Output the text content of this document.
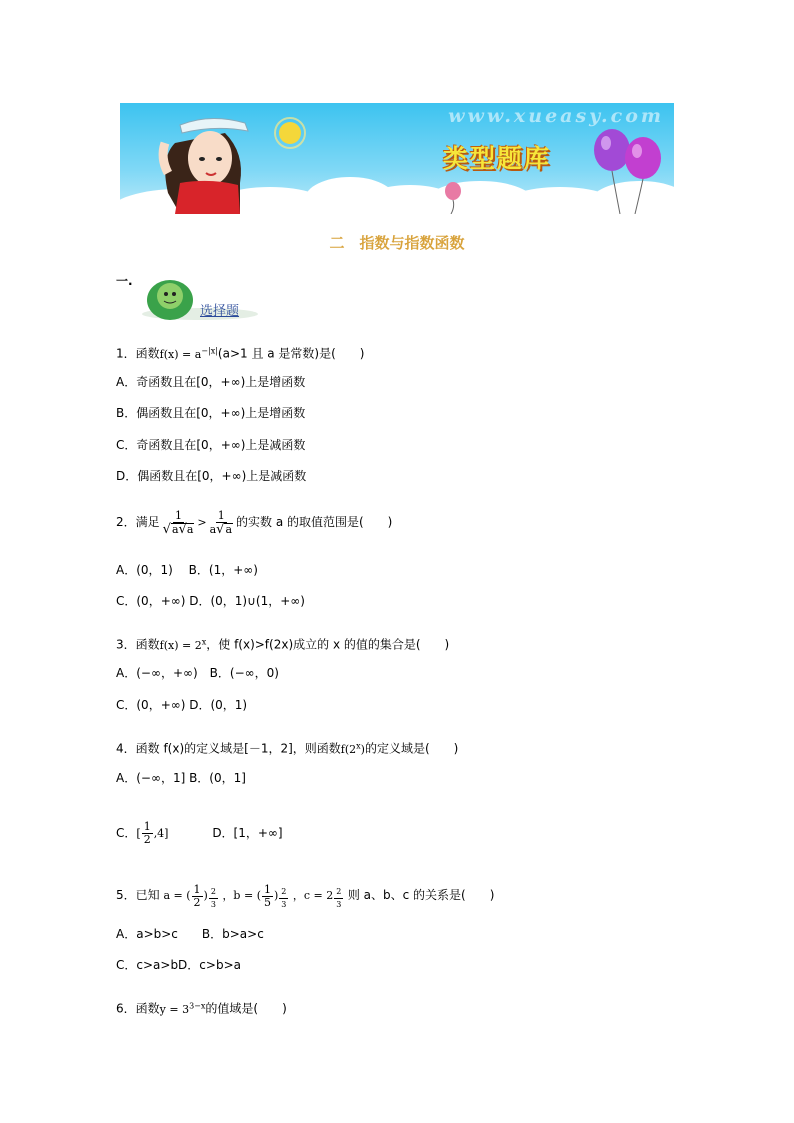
www.xueasy.com
类型题库
二　指数与指数函数
一.
选择题
1．函数$f(x) = a^{-|x|}(a>1$ 且 a 是常数)是(　　)
A．奇函数且在[0，+∞)上是增函数
B．偶函数且在[0，+∞)上是增函数
C．奇函数且在[0，+∞)上是减函数
D．偶函数且在[0，+∞)上是减函数
2．满足 $\frac{1}{√a√a} > \frac{1}{a√a}$ 的实数 a 的取值范围是(　　)
A．(0，1)　 B．(1，+∞)
C．(0，+∞) D．(0，1)∪(1，+∞)
3．函数$f(x) = 2^x$，使 f(x)>f(2x)成立的 x 的值的集合是(　　)
A．(−∞，+∞)　B．(−∞，0)
C．(0，+∞) D．(0，1)
4．函数 f(x)的定义域是[－1，2]，则函数f(2$^x$)的定义域是(　　)
A．(−∞，1] B．(0，1]
C．[ $\frac{1}{2} ,4$]	D．[1，+∞]
5．已知 a = ( $\frac{1}{2}$ ) $\frac{2}{3}$ ，b = ( $\frac{1}{5}$ ) $\frac{2}{3}$ ，$c = 2 \frac{2}{3}$ 则 a、b、c 的关系是(　　)
A．a>b>c　　B．b>a>c
C．c>a>bD．c>b>a
6．函数$y = 3^{3-x}$的值域是(　　)
